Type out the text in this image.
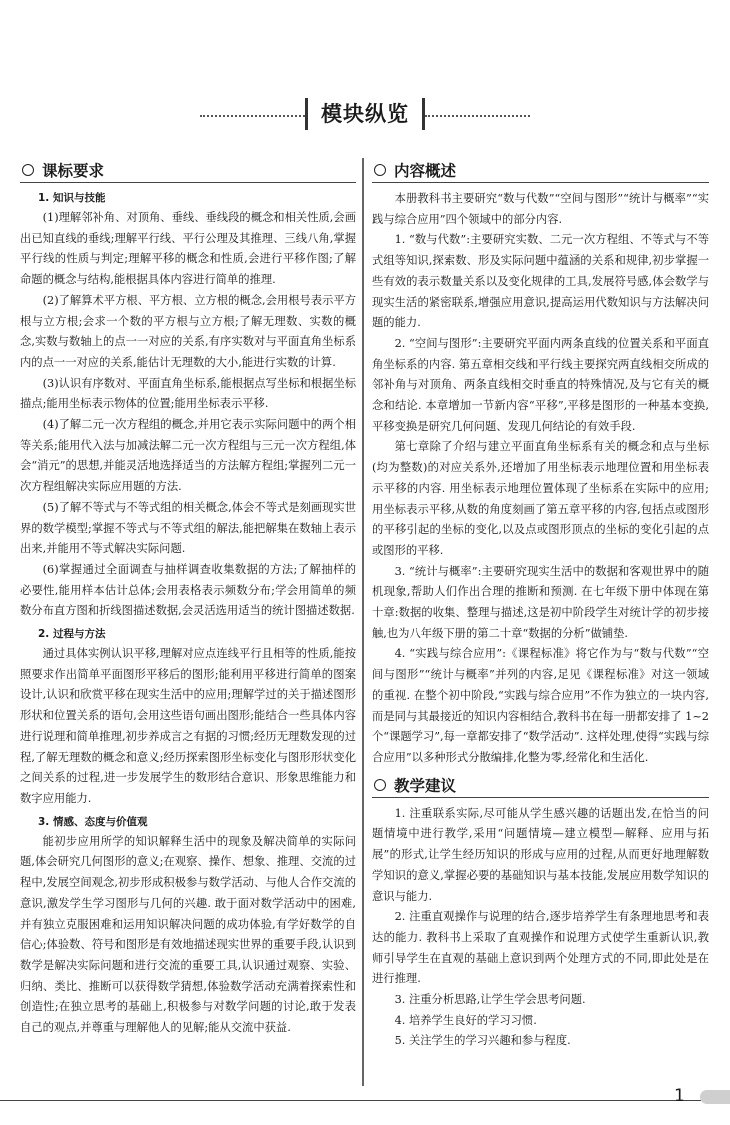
模块纵览
课标要求
1. 知识与技能

(1)理解邻补角、对顶角、垂线、垂线段的概念和相关性质,会画出已知直线的垂线;理解平行线、平行公理及其推理、三线八角,掌握平行线的性质与判定;理解平移的概念和性质,会进行平移作图;了解命题的概念与结构,能根据具体内容进行简单的推理.

(2)了解算术平方根、平方根、立方根的概念,会用根号表示平方根与立方根;会求一个数的平方根与立方根;了解无理数、实数的概念,实数与数轴上的点一一对应的关系,有序实数对与平面直角坐标系内的点一一对应的关系,能估计无理数的大小,能进行实数的计算.

(3)认识有序数对、平面直角坐标系,能根据点写坐标和根据坐标描点;能用坐标表示物体的位置;能用坐标表示平移.

(4)了解二元一次方程组的概念,并用它表示实际问题中的两个相等关系;能用代入法与加减法解二元一次方程组与三元一次方程组,体会“消元”的思想,并能灵活地选择适当的方法解方程组;掌握列二元一次方程组解决实际应用题的方法.

(5)了解不等式与不等式组的相关概念,体会不等式是刻画现实世界的数学模型;掌握不等式与不等式组的解法,能把解集在数轴上表示出来,并能用不等式解决实际问题.

(6)掌握通过全面调查与抽样调查收集数据的方法;了解抽样的必要性,能用样本估计总体;会用表格表示频数分布;学会用简单的频数分布直方图和折线图描述数据,会灵活选用适当的统计图描述数据.

2. 过程与方法

通过具体实例认识平移,理解对应点连线平行且相等的性质,能按照要求作出简单平面图形平移后的图形;能利用平移进行简单的图案设计,认识和欣赏平移在现实生活中的应用;理解学过的关于描述图形形状和位置关系的语句,会用这些语句画出图形;能结合一些具体内容进行说理和简单推理,初步养成言之有据的习惯;经历无理数发现的过程,了解无理数的概念和意义;经历探索图形坐标变化与图形形状变化之间关系的过程,进一步发展学生的数形结合意识、形象思维能力和数字应用能力.

3. 情感、态度与价值观

能初步应用所学的知识解释生活中的现象及解决简单的实际问题,体会研究几何图形的意义;在观察、操作、想象、推理、交流的过程中,发展空间观念,初步形成积极参与数学活动、与他人合作交流的意识,激发学生学习图形与几何的兴趣. 敢于面对数学活动中的困难,并有独立克服困难和运用知识解决问题的成功体验,有学好数学的自信心;体验数、符号和图形是有效地描述现实世界的重要手段,认识到数学是解决实际问题和进行交流的重要工具,认识通过观察、实验、归纳、类比、推断可以获得数学猜想,体验数学活动充满着探索性和创造性;在独立思考的基础上,积极参与对数学问题的讨论,敢于发表自己的观点,并尊重与理解他人的见解;能从交流中获益.

内容概述

本册教科书主要研究“数与代数”“空间与图形”“统计与概率”“实践与综合应用”四个领域中的部分内容.

1. “数与代数”:主要研究实数、二元一次方程组、不等式与不等式组等知识,探索数、形及实际问题中蕴涵的关系和规律,初步掌握一些有效的表示数量关系以及变化规律的工具,发展符号感,体会数学与现实生活的紧密联系,增强应用意识,提高运用代数知识与方法解决问题的能力.

2. “空间与图形”:主要研究平面内两条直线的位置关系和平面直角坐标系的内容. 第五章相交线和平行线主要探究两直线相交所成的邻补角与对顶角、两条直线相交时垂直的特殊情况,及与它有关的概念和结论. 本章增加一节新内容“平移”,平移是图形的一种基本变换,平移变换是研究几何问题、发现几何结论的有效手段.

第七章除了介绍与建立平面直角坐标系有关的概念和点与坐标(均为整数)的对应关系外,还增加了用坐标表示地理位置和用坐标表示平移的内容. 用坐标表示地理位置体现了坐标系在实际中的应用;用坐标表示平移,从数的角度刻画了第五章平移的内容,包括点或图形的平移引起的坐标的变化,以及点或图形顶点的坐标的变化引起的点或图形的平移.

3. “统计与概率”:主要研究现实生活中的数据和客观世界中的随机现象,帮助人们作出合理的推断和预测. 在七年级下册中体现在第十章:数据的收集、整理与描述,这是初中阶段学生对统计学的初步接触,也为八年级下册的第二十章“数据的分析”做铺垫.

4. “实践与综合应用”:《课程标准》将它作为与“数与代数”“空间与图形”“统计与概率”并列的内容,足见《课程标准》对这一领域的重视. 在整个初中阶段,“实践与综合应用”不作为独立的一块内容,而是同与其最接近的知识内容相结合,教科书在每一册都安排了 1~2 个“课题学习”,每一章都安排了“数学活动”. 这样处理,使得“实践与综合应用”以多种形式分散编排,化整为零,经常化和生活化.

教学建议

1. 注重联系实际,尽可能从学生感兴趣的话题出发,在恰当的问题情境中进行教学,采用“问题情境—建立模型—解释、应用与拓展”的形式,让学生经历知识的形成与应用的过程,从而更好地理解数学知识的意义,掌握必要的基础知识与基本技能,发展应用数学知识的意识与能力.

2. 注重直观操作与说理的结合,逐步培养学生有条理地思考和表达的能力. 教科书上采取了直观操作和说理方式使学生重新认识,教师引导学生在直观的基础上意识到两个处理方式的不同,即此处是在进行推理.

3. 注重分析思路,让学生学会思考问题.

4. 培养学生良好的学习习惯.

5. 关注学生的学习兴趣和参与程度.

1
